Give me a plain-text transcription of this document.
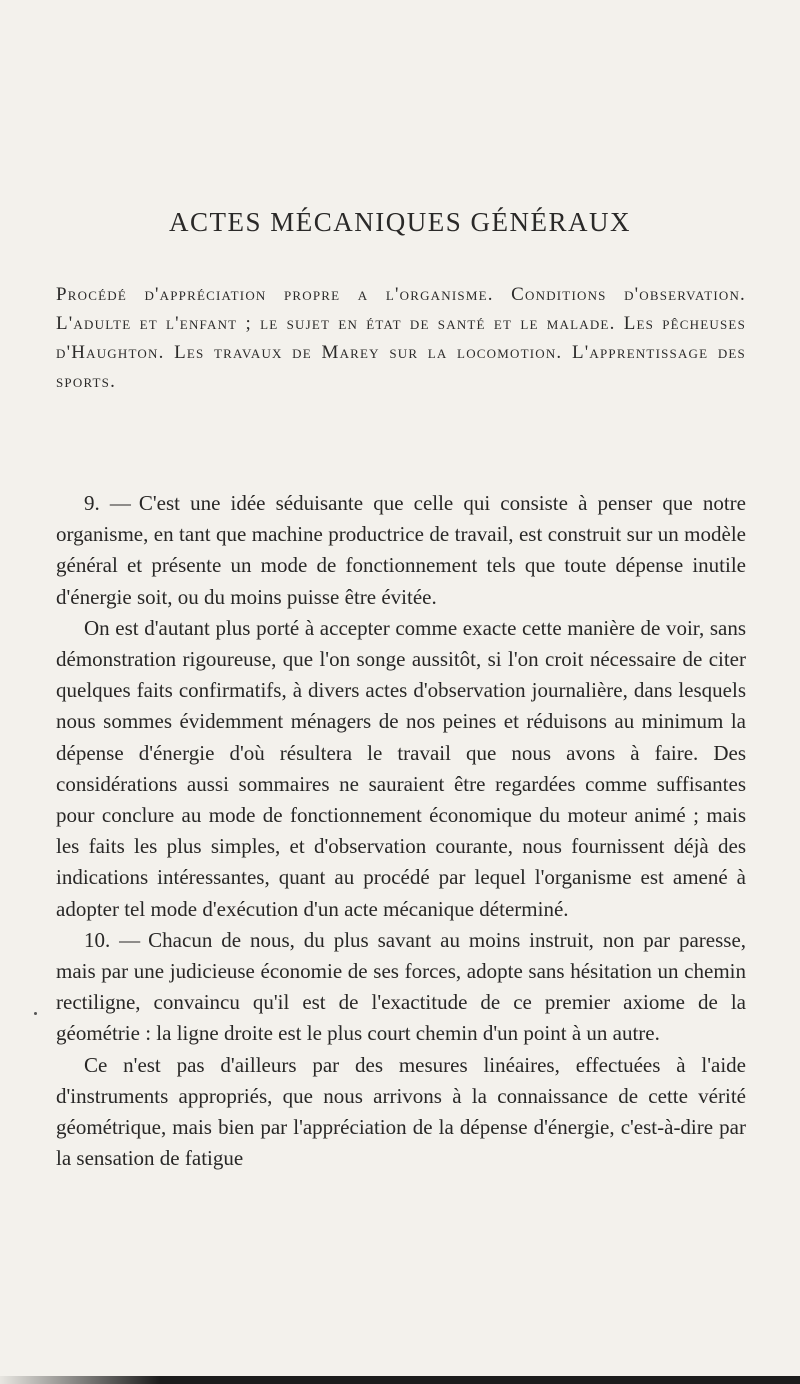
ACTES MÉCANIQUES GÉNÉRAUX
Procédé d'appréciation propre a l'organisme. Conditions d'observation. L'adulte et l'enfant ; le sujet en état de santé et le malade. Les pêcheuses d'Haughton. Les travaux de Marey sur la locomotion. L'apprentissage des sports.

9. — C'est une idée séduisante que celle qui consiste à penser que notre organisme, en tant que machine productrice de travail, est construit sur un modèle général et présente un mode de fonctionnement tels que toute dépense inutile d'énergie soit, ou du moins puisse être évitée.

On est d'autant plus porté à accepter comme exacte cette manière de voir, sans démonstration rigoureuse, que l'on songe aussitôt, si l'on croit nécessaire de citer quelques faits confirmatifs, à divers actes d'observation journalière, dans lesquels nous sommes évidemment ménagers de nos peines et réduisons au minimum la dépense d'énergie d'où résultera le travail que nous avons à faire. Des considérations aussi sommaires ne sauraient être regardées comme suffisantes pour conclure au mode de fonctionnement économique du moteur animé ; mais les faits les plus simples, et d'observation courante, nous fournissent déjà des indications intéressantes, quant au procédé par lequel l'organisme est amené à adopter tel mode d'exécution d'un acte mécanique déterminé.

10. — Chacun de nous, du plus savant au moins instruit, non par paresse, mais par une judicieuse économie de ses forces, adopte sans hésitation un chemin rectiligne, convaincu qu'il est de l'exactitude de ce premier axiome de la géométrie : la ligne droite est le plus court chemin d'un point à un autre.

Ce n'est pas d'ailleurs par des mesures linéaires, effectuées à l'aide d'instruments appropriés, que nous arrivons à la connaissance de cette vérité géométrique, mais bien par l'appréciation de la dépense d'énergie, c'est-à-dire par la sensation de fatigue
